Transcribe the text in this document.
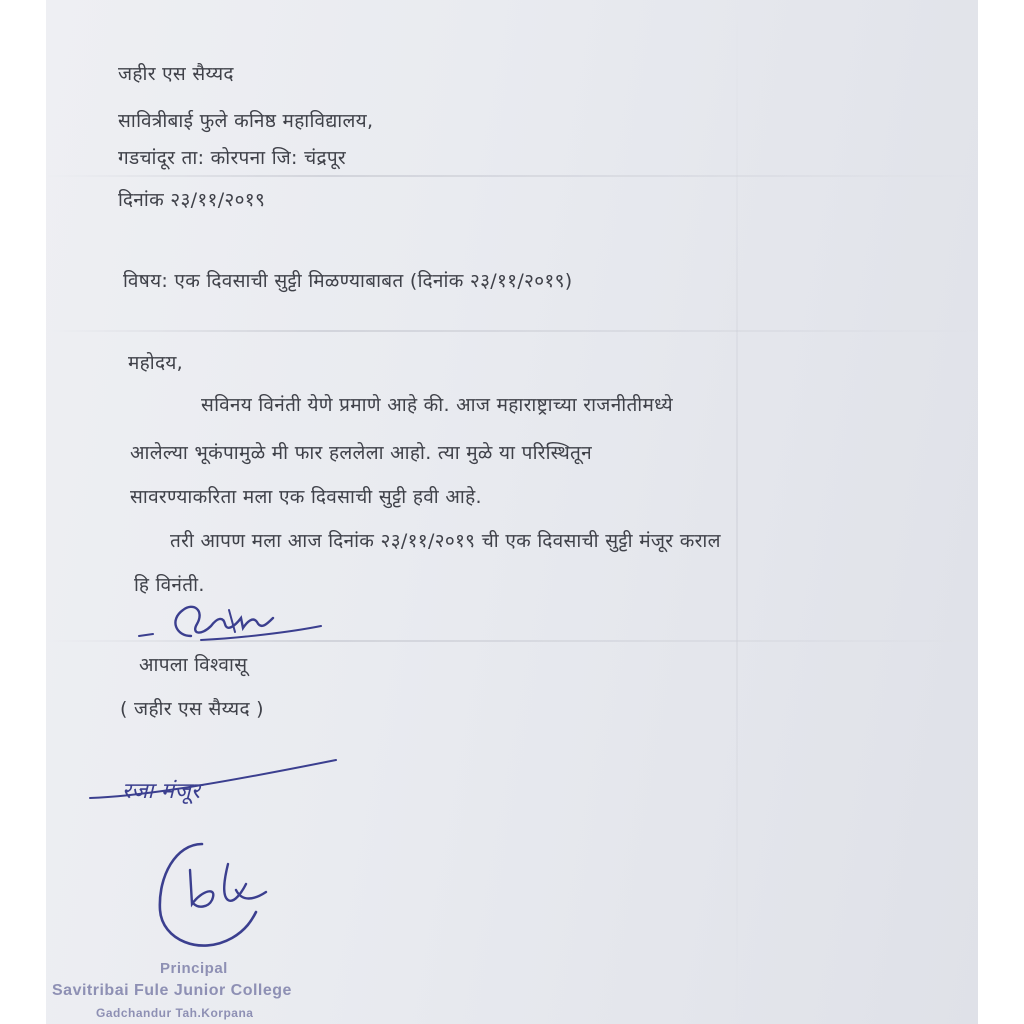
जहीर एस सैय्यद
सावित्रीबाई फुले कनिष्ठ महाविद्यालय,
गडचांदूर ता: कोरपना जि: चंद्रपूर
दिनांक २३/११/२०१९
विषय: एक दिवसाची सुट्टी मिळण्याबाबत (दिनांक २३/११/२०१९)
महोदय,
सविनय विनंती येणे प्रमाणे आहे की. आज महाराष्ट्राच्या राजनीतीमध्ये
आलेल्या भूकंपामुळे मी फार हललेला आहो. त्या मुळे या परिस्थितून
सावरण्याकरिता मला एक दिवसाची सुट्टी हवी आहे.
तरी आपण मला आज दिनांक २३/११/२०१९ ची एक दिवसाची सुट्टी मंजूर कराल
हि विनंती.
आपला विश्वासू
( जहीर एस सैय्यद )
रजा मंजूर
Principal
Savitribai Fule Junior College
Gadchandur Tah.Korpana
